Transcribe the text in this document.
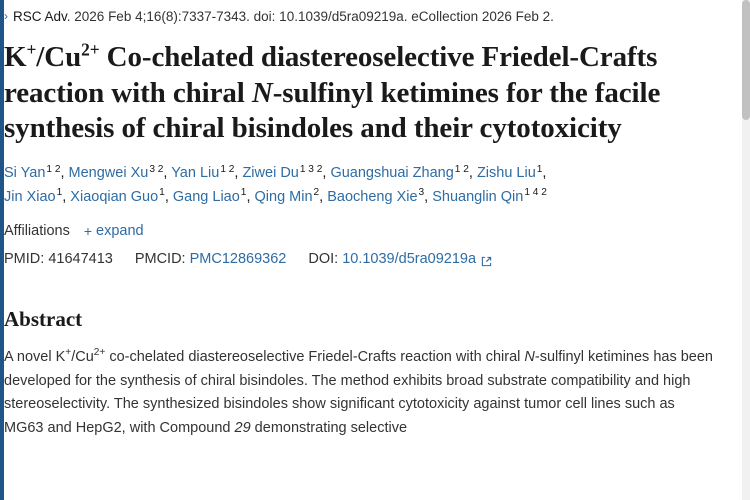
› RSC Adv. 2026 Feb 4;16(8):7337-7343. doi: 10.1039/d5ra09219a. eCollection 2026 Feb 2.
$K^+/Cu^{2+}$ Co-chelated diastereoselective Friedel-Crafts reaction with chiral N-sulfinyl ketimines for the facile synthesis of chiral bisindoles and their cytotoxicity
Si Yan$^{1 2}$, Mengwei $Xu^{3 2}$, Yan Liu$^{1 2}$, Ziwei $Du^{1 3 2}$, Guangshuai Zhang$^{1 2}$, Zishu Liu$^1$,
Jin Xiao$^1$, Xiaoqian Guo$^1$, Gang Liao$^1$, Qing Min$^2$, Baocheng Xie$^3$, Shuanglin Qin$^{1 4 2}$
Affiliations + expand
PMID:
41647413 PMCID:
PMC12869362 DOI:
10.1039/d5ra09219a
Abstract

A novel $K^+/Cu^{2+}$ co-chelated diastereoselective Friedel-Crafts reaction with chiral N-sulfinyl ketimines has been developed for the synthesis of chiral bisindoles. The method exhibits broad substrate compatibility and high stereoselectivity. The synthesized bisindoles show significant cytotoxicity against tumor cell lines such as MG63 and HepG2, with Compound 29 demonstrating selective
